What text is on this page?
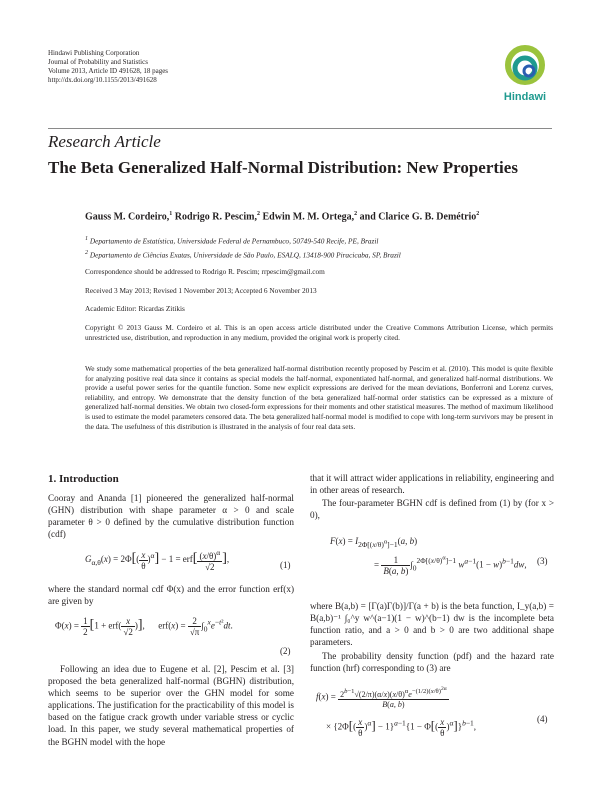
Hindawi Publishing Corporation
Journal of Probability and Statistics
Volume 2013, Article ID 491628, 18 pages
http://dx.doi.org/10.1155/2013/491628
Hindawi
Research Article
The Beta Generalized Half-Normal Distribution: New Properties
Gauss M. Cordeiro,$^1$ Rodrigo R. Pescim,$^2$ Edwin M. M. Ortega,$^2$ and Clarice G. B. Demétrio$^2$
$^1$ Departamento de Estatística, Universidade Federal de Pernambuco, 50749-540 Recife, PE, Brazil
$^2$ Departamento de Ciências Exatas, Universidade de São Paulo, ESALQ, 13418-900 Piracicaba, SP, Brazil
Correspondence should be addressed to Rodrigo R. Pescim; rrpescim@gmail.com
Received 3 May 2013; Revised 1 November 2013; Accepted 6 November 2013
Academic Editor: Ricardas Zitikis
Copyright © 2013 Gauss M. Cordeiro et al. This is an open access article distributed under the Creative Commons Attribution License, which permits unrestricted use, distribution, and reproduction in any medium, provided the original work is properly cited.
We study some mathematical properties of the beta generalized half-normal distribution recently proposed by Pescim et al. (2010). This model is quite flexible for analyzing positive real data since it contains as special models the half-normal, exponentiated half-normal, and generalized half-normal distributions. We provide a useful power series for the quantile function. Some new explicit expressions are derived for the mean deviations, Bonferroni and Lorenz curves, reliability, and entropy. We demonstrate that the density function of the beta generalized half-normal order statistics can be expressed as a mixture of generalized half-normal densities. We obtain two closed-form expressions for their moments and other statistical measures. The method of maximum likelihood is used to estimate the model parameters censored data. The beta generalized half-normal model is modified to cope with long-term survivors may be present in the data. The usefulness of this distribution is illustrated in the analysis of four real data sets.
1. Introduction
Cooray and Ananda [1] pioneered the generalized half-normal (GHN) distribution with shape parameter α > 0 and scale parameter θ > 0 defined by the cumulative distribution function (cdf)
$G_{\alpha,\theta}(x) = 2\Phi[( \frac{x}{\theta} )^\alpha] - 1 = erf[ \frac{(x/\theta)^\alpha}{√2}$ ],
(1)
where the standard normal cdf Φ(x) and the error function erf(x) are given by
$\Phi(x) = \frac{1}{2} [1 + erf( \frac{x}{√2}$ )],      $erf(x) = \frac{2}{√\pi} \int_0^xe^{-t^2}dt$.
(2)
Following an idea due to Eugene et al. [2], Pescim et al. [3] proposed the beta generalized half-normal (BGHN) distribution, which seems to be superior over the GHN model for some applications. The justification for the practicability of this model is based on the fatigue crack growth under variable stress or cyclic load. In this paper, we study several mathematical properties of the BGHN model with the hope
that it will attract wider applications in reliability, engineering and in other areas of research.
The four-parameter BGHN cdf is defined from (1) by (for x > 0),
$F(x) = I_{2\Phi[(x/\theta)^\alpha]-1}(a$, b)
= $\frac{1}{B(a, b)} \int_0^{2\Phi[(x/\theta)^\alpha]-1}$ $w^{a-1}(1 - w)^{b-1}dw$,	(3)
where B(a,b) = [Γ(a)Γ(b)]/Γ(a + b) is the beta function, I_y(a,b) = B(a,b)⁻¹ ∫₀^y w^(a−1)(1 − w)^(b−1) dw is the incomplete beta function ratio, and a > 0 and b > 0 are two additional shape parameters.
The probability density function (pdf) and the hazard rate function (hrf) corresponding to (3) are
$f(x) = \frac{2^{b-1}√(2/\pi)(\alpha/x)(x/\theta)^\alpha e^{-(1/2)(x/\theta)^{2\alpha}}}{B(a, b)}$

× $\{2\Phi[( \frac{x}{\theta} )^\alpha] - 1\}^{a-1}\{1 - \Phi[( \frac{x}{\theta} )^\alpha]\}^{b-1}$,
(4)
